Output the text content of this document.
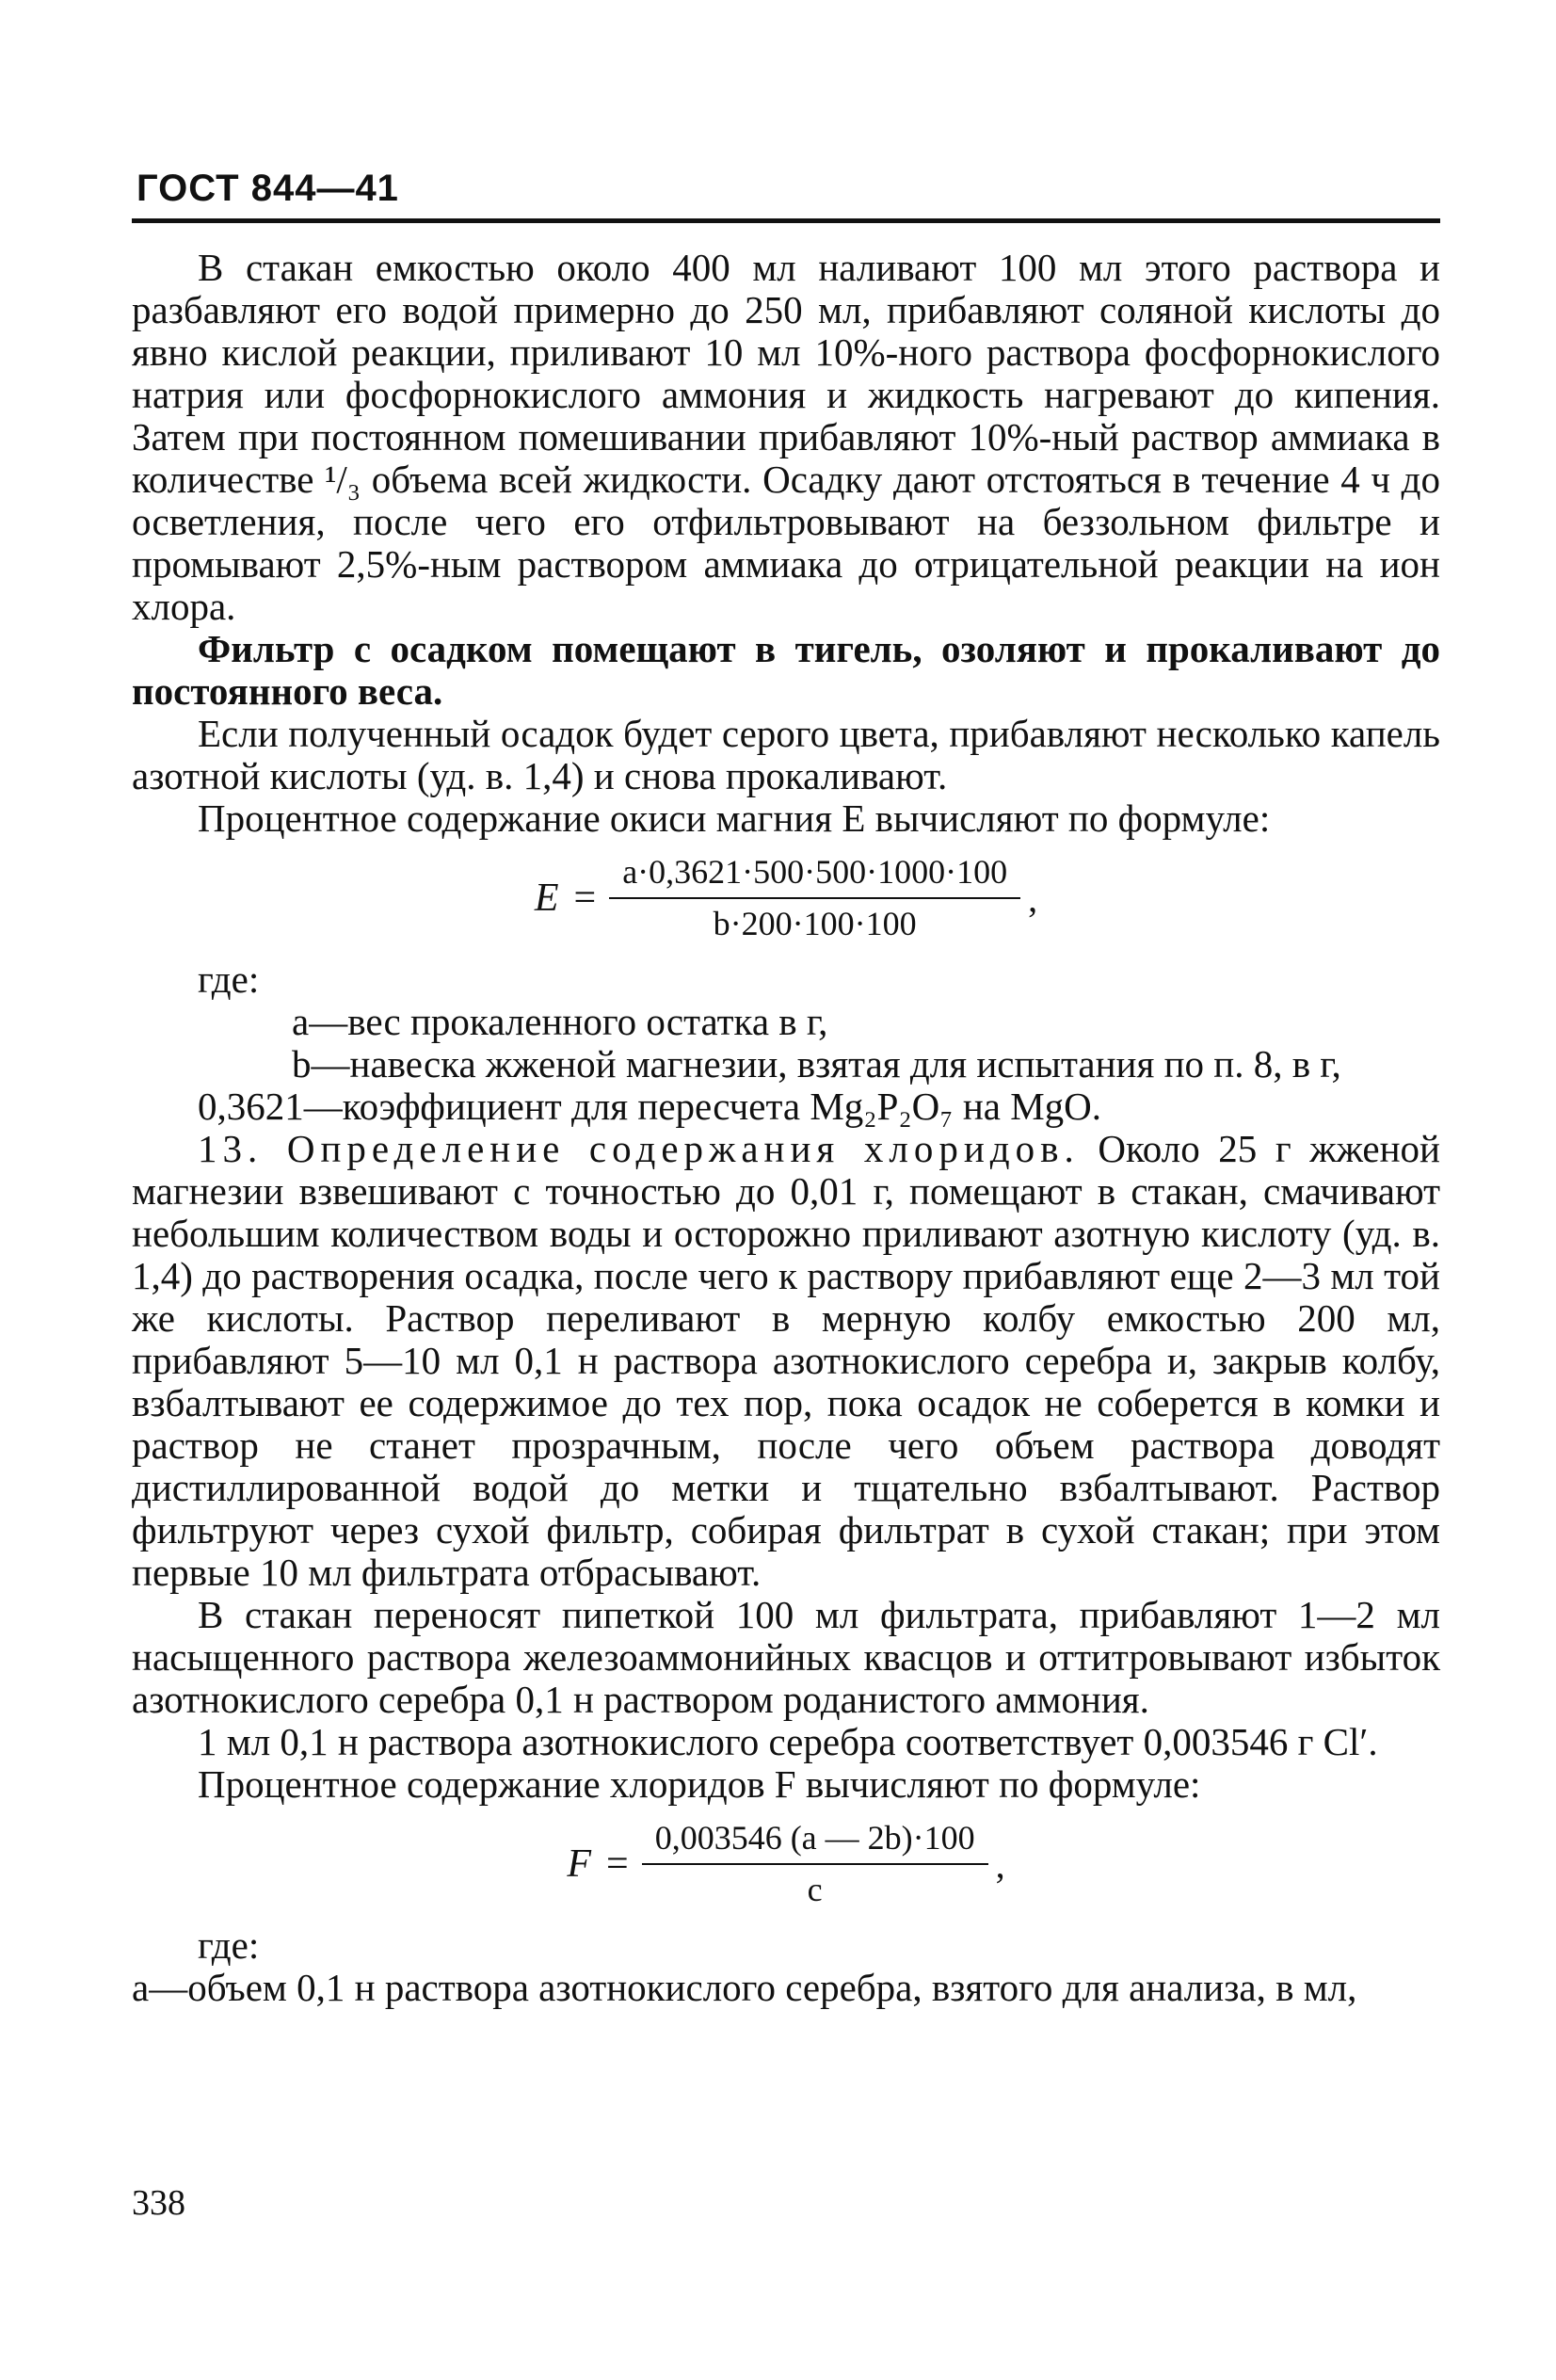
ГОСТ 844—41

В стакан емкостью около 400 мл наливают 100 мл этого раствора и разбавляют его водой примерно до 250 мл, прибавляют соляной кислоты до явно кислой реакции, приливают 10 мл 10%-ного раствора фосфорнокислого натрия или фосфорнокислого аммония и жидкость нагревают до кипения. Затем при постоянном помешивании прибавляют 10%-ный раствор аммиака в количестве ¹/₃ объема всей жидкости. Осадку дают отстояться в течение 4 ч до осветления, после чего его отфильтровывают на беззольном фильтре и промывают 2,5%-ным раствором аммиака до отрицательной реакции на ион хлора.

Фильтр с осадком помещают в тигель, озоляют и прокаливают до постоянного веса.

Если полученный осадок будет серого цвета, прибавляют несколько капель азотной кислоты (уд. в. 1,4) и снова прокаливают.

Процентное содержание окиси магния E вычисляют по формуле:

$E = \frac{a\cdot 0,3621\cdot 500\cdot 500\cdot 1000\cdot 100}{b\cdot 200\cdot 100\cdot 100}$ ,

где:

a—вес прокаленного остатка в г,

b—навеска жженой магнезии, взятая для испытания по п. 8, в г,

0,3621—коэффициент для пересчета Mg₂P₂O₇ на MgO.

13. Определение содержания хлоридов. Около 25 г жженой магнезии взвешивают с точностью до 0,01 г, помещают в стакан, смачивают небольшим количеством воды и осторожно приливают азотную кислоту (уд. в. 1,4) до растворения осадка, после чего к раствору прибавляют еще 2—3 мл той же кислоты. Раствор переливают в мерную колбу емкостью 200 мл, прибавляют 5—10 мл 0,1 н раствора азотнокислого серебра и, закрыв колбу, взбалтывают ее содержимое до тех пор, пока осадок не соберется в комки и раствор не станет прозрачным, после чего объем раствора доводят дистиллированной водой до метки и тщательно взбалтывают. Раствор фильтруют через сухой фильтр, собирая фильтрат в сухой стакан; при этом первые 10 мл фильтрата отбрасывают.

В стакан переносят пипеткой 100 мл фильтрата, прибавляют 1—2 мл насыщенного раствора железоаммонийных квасцов и оттитровывают избыток азотнокислого серебра 0,1 н раствором роданистого аммония.

1 мл 0,1 н раствора азотнокислого серебра соответствует 0,003546 г Cl′.

Процентное содержание хлоридов F вычисляют по формуле:

$F = \frac{0,003546 (a — 2b)\cdot 100}{c}$ ,

где:

a—объем 0,1 н раствора азотнокислого серебра, взятого для анализа, в мл,

338
